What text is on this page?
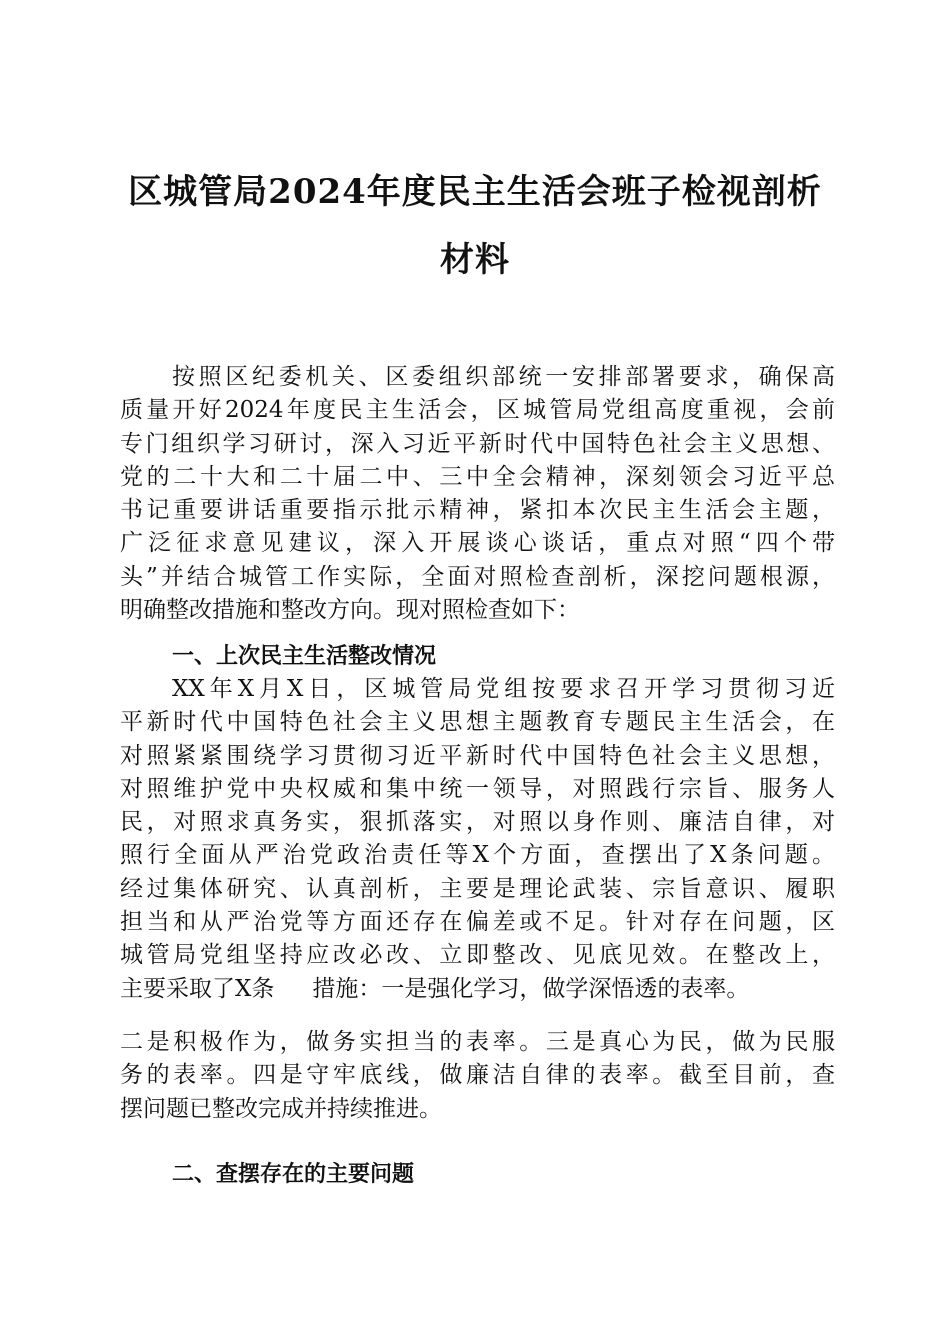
区城管局2024年度民主生活会班子检视剖析
材料
按照区纪委机关、区委组织部统一安排部署要求，确保高
质量开好2024年度民主生活会，区城管局党组高度重视，会前
专门组织学习研讨，深入习近平新时代中国特色社会主义思想、
党的二十大和二十届二中、三中全会精神，深刻领会习近平总
书记重要讲话重要指示批示精神，紧扣本次民主生活会主题，
广泛征求意见建议，深入开展谈心谈话，重点对照“四个带
头”并结合城管工作实际，全面对照检查剖析，深挖问题根源，
明确整改措施和整改方向。现对照检查如下：
一、上次民主生活整改情况
XX年X月X日，区城管局党组按要求召开学习贯彻习近
平新时代中国特色社会主义思想主题教育专题民主生活会，在
对照紧紧围绕学习贯彻习近平新时代中国特色社会主义思想，
对照维护党中央权威和集中统一领导，对照践行宗旨、服务人
民，对照求真务实，狠抓落实，对照以身作则、廉洁自律，对
照行全面从严治党政治责任等X个方面，查摆出了X条问题。
经过集体研究、认真剖析，主要是理论武装、宗旨意识、履职
担当和从严治党等方面还存在偏差或不足。针对存在问题，区
城管局党组坚持应改必改、立即整改、见底见效。在整改上，
主要采取了X条 措施：一是强化学习，做学深悟透的表率。
二是积极作为，做务实担当的表率。三是真心为民，做为民服
务的表率。四是守牢底线，做廉洁自律的表率。截至目前，查
摆问题已整改完成并持续推进。
二、查摆存在的主要问题
